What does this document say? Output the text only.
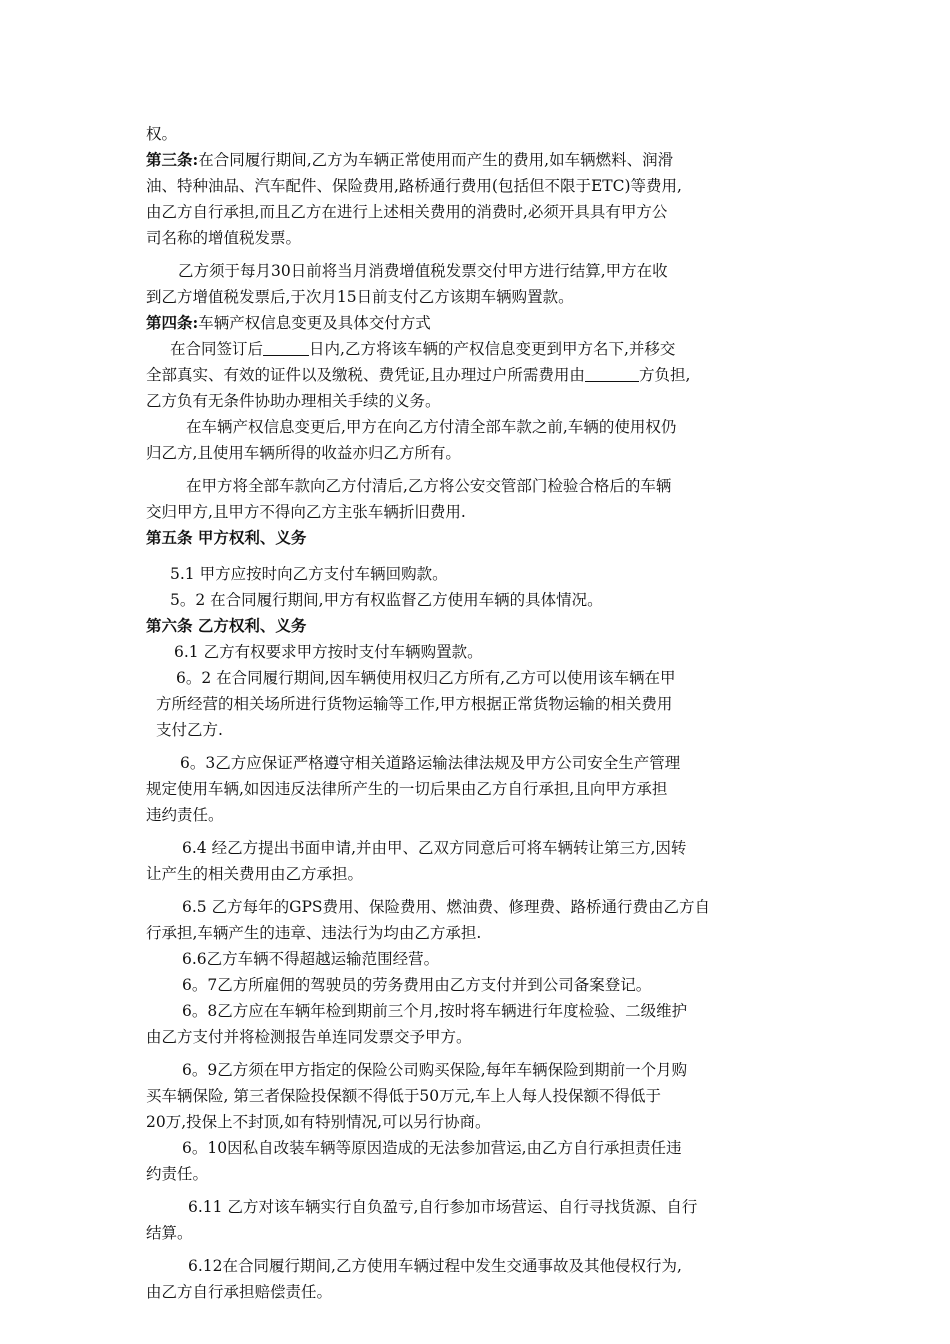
权。
第三条:在合同履行期间,乙方为车辆正常使用而产生的费用,如车辆燃料、润滑
油、特种油品、汽车配件、保险费用,路桥通行费用(包括但不限于ETC)等费用,
由乙方自行承担,而且乙方在进行上述相关费用的消费时,必须开具具有甲方公
司名称的增值税发票。
乙方须于每月30日前将当月消费增值税发票交付甲方进行结算,甲方在收
到乙方增值税发票后,于次月15日前支付乙方该期车辆购置款。
第四条:车辆产权信息变更及具体交付方式
在合同签订后	日内,乙方将该车辆的产权信息变更到甲方名下,并移交
全部真实、有效的证件以及缴税、费凭证,且办理过户所需费用由	方负担,
乙方负有无条件协助办理相关手续的义务。
在车辆产权信息变更后,甲方在向乙方付清全部车款之前,车辆的使用权仍
归乙方,且使用车辆所得的收益亦归乙方所有。
在甲方将全部车款向乙方付清后,乙方将公安交管部门检验合格后的车辆
交归甲方,且甲方不得向乙方主张车辆折旧费用.
第五条 甲方权利、义务
5.1 甲方应按时向乙方支付车辆回购款。
5。2 在合同履行期间,甲方有权监督乙方使用车辆的具体情况。
第六条 乙方权利、义务
6.1 乙方有权要求甲方按时支付车辆购置款。
6。2 在合同履行期间,因车辆使用权归乙方所有,乙方可以使用该车辆在甲
方所经营的相关场所进行货物运输等工作,甲方根据正常货物运输的相关费用
支付乙方.
6。3乙方应保证严格遵守相关道路运输法律法规及甲方公司安全生产管理
规定使用车辆,如因违反法律所产生的一切后果由乙方自行承担,且向甲方承担
违约责任。
6.4 经乙方提出书面申请,并由甲、乙双方同意后可将车辆转让第三方,因转
让产生的相关费用由乙方承担。
6.5 乙方每年的GPS费用、保险费用、燃油费、修理费、路桥通行费由乙方自
行承担,车辆产生的违章、违法行为均由乙方承担.
6.6乙方车辆不得超越运输范围经营。
6。7乙方所雇佣的驾驶员的劳务费用由乙方支付并到公司备案登记。
6。8乙方应在车辆年检到期前三个月,按时将车辆进行年度检验、二级维护
由乙方支付并将检测报告单连同发票交予甲方。
6。9乙方须在甲方指定的保险公司购买保险,每年车辆保险到期前一个月购
买车辆保险, 第三者保险投保额不得低于50万元,车上人每人投保额不得低于
20万,投保上不封顶,如有特别情况,可以另行协商。
6。10因私自改装车辆等原因造成的无法参加营运,由乙方自行承担责任违
约责任。
6.11 乙方对该车辆实行自负盈亏,自行参加市场营运、自行寻找货源、自行
结算。
6.12在合同履行期间,乙方使用车辆过程中发生交通事故及其他侵权行为,
由乙方自行承担赔偿责任。
